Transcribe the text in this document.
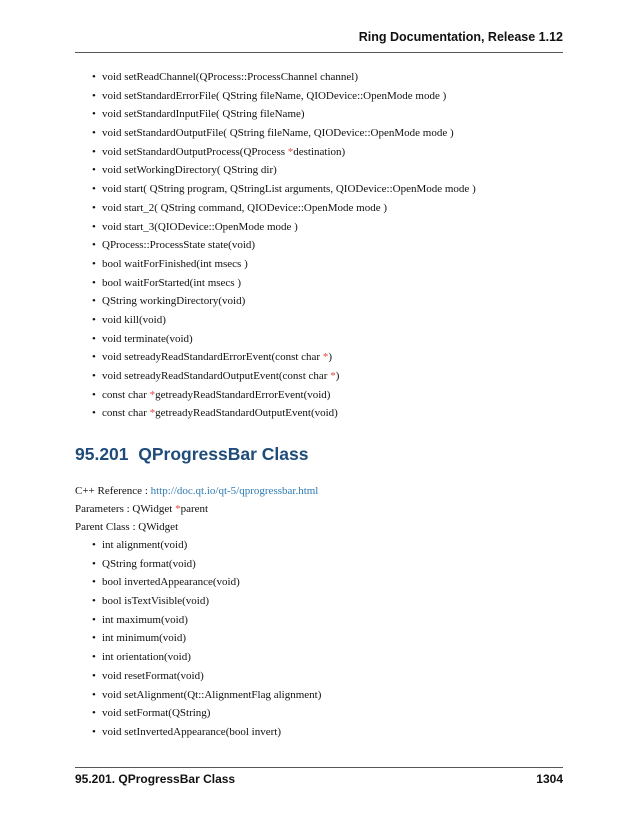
Ring Documentation, Release 1.12
• void setReadChannel(QProcess::ProcessChannel channel)
• void setStandardErrorFile( QString fileName, QIODevice::OpenMode mode )
• void setStandardInputFile( QString fileName)
• void setStandardOutputFile( QString fileName, QIODevice::OpenMode mode )
• void setStandardOutputProcess(QProcess *destination)
• void setWorkingDirectory( QString dir)
• void start( QString program, QStringList arguments, QIODevice::OpenMode mode )
• void start_2( QString command, QIODevice::OpenMode mode )
• void start_3(QIODevice::OpenMode mode )
• QProcess::ProcessState state(void)
• bool waitForFinished(int msecs )
• bool waitForStarted(int msecs )
• QString workingDirectory(void)
• void kill(void)
• void terminate(void)
• void setreadyReadStandardErrorEvent(const char *)
• void setreadyReadStandardOutputEvent(const char *)
• const char *getreadyReadStandardErrorEvent(void)
• const char *getreadyReadStandardOutputEvent(void)
95.201 QProgressBar Class
C++ Reference : http://doc.qt.io/qt-5/qprogressbar.html
Parameters : QWidget *parent
Parent Class : QWidget
• int alignment(void)
• QString format(void)
• bool invertedAppearance(void)
• bool isTextVisible(void)
• int maximum(void)
• int minimum(void)
• int orientation(void)
• void resetFormat(void)
• void setAlignment(Qt::AlignmentFlag alignment)
• void setFormat(QString)
• void setInvertedAppearance(bool invert)
95.201. QProgressBar Class	1304
